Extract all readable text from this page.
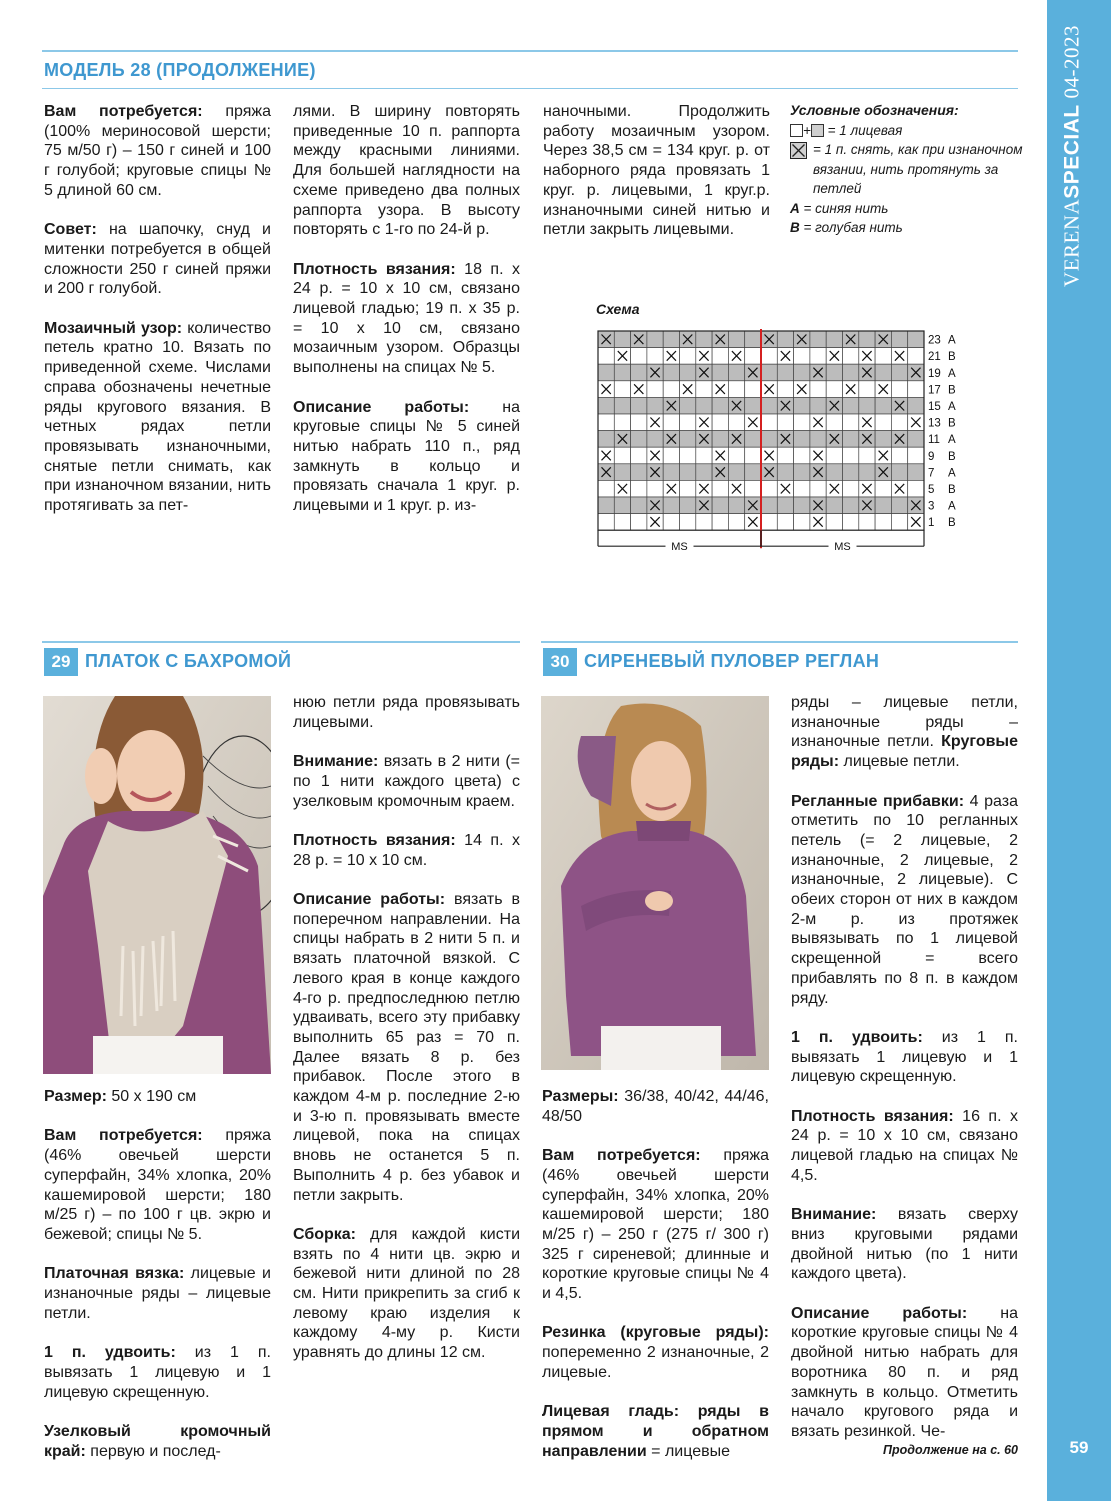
VERENASPECIAL 04-2023
59
МОДЕЛЬ 28 (ПРОДОЛЖЕНИЕ)

Вам потребуется: пряжа (100% мериносовой шерсти; 75 м/50 г) – 150 г синей и 100 г голубой; круговые спицы № 5 длиной 60 см.

Совет: на шапочку, снуд и митенки потребуется в общей сложности 250 г синей пряжи и 200 г голубой.

Мозаичный узор: количество петель кратно 10. Вязать по приведенной схеме. Числами справа обозначены нечетные ряды кругового вязания. В четных рядах петли провязывать изнаночными, снятые петли снимать, как при изнаночном вязании, нить протягивать за пет-

лями. В ширину повторять приведенные 10 п. раппорта между красными линиями. Для большей наглядности на схеме приведено два полных раппорта узора. В высоту повторять с 1-го по 24-й р.

Плотность вязания: 18 п. x 24 р. = 10 x 10 см, связано лицевой гладью; 19 п. x 35 р. = 10 x 10 см, связано мозаичным узором. Образцы выполнены на спицах № 5.

Описание работы: на круговые спицы № 5 синей нитью набрать 110 п., ряд замкнуть в кольцо и провязать сначала 1 круг. р. лицевыми и 1 круг. р. из-

наночными. Продолжить работу мозаичным узором. Через 38,5 см = 134 круг. р. от наборного ряда провязать 1 круг. р. лицевыми, 1 круг.р. изнаночными синей нитью и петли закрыть лицевыми.

Условные обозначения:
+ = 1 лицевая
= 1 п. снять, как при изнаночном вязании, нить протянуть за петлей
А = синяя нить
В = голубая нить
Схема
23 A
21 B
19 A
17 B
15 A
13 B
11 A
9 B
7 A
5 B
3 A
1 B
MS	MS
29 ПЛАТОК С БАХРОМОЙ

Размер: 50 x 190 см

Вам потребуется: пряжа (46% овечьей шерсти суперфайн, 34% хлопка, 20% кашемировой шерсти; 180 м/25 г) – по 100 г цв. экрю и бежевой; спицы № 5.

Платочная вязка: лицевые и изнаночные ряды – лицевые петли.

1 п. удвоить: из 1 п. вывязать 1 лицевую и 1 лицевую скрещенную.

Узелковый кромочный край: первую и послед-

нюю петли ряда провязывать лицевыми.

Внимание: вязать в 2 нити (= по 1 нити каждого цвета) с узелковым кромочным краем.

Плотность вязания: 14 п. x 28 р. = 10 x 10 см.

Описание работы: вязать в поперечном направлении. На спицы набрать в 2 нити 5 п. и вязать платочной вязкой. С левого края в конце каждого 4-го р. предпоследнюю петлю удваивать, всего эту прибавку выполнить 65 раз = 70 п. Далее вязать 8 р. без прибавок. После этого в каждом 4-м р. последние 2-ю и 3-ю п. провязывать вместе лицевой, пока на спицах вновь не останется 5 п. Выполнить 4 р. без убавок и петли закрыть.

Сборка: для каждой кисти взять по 4 нити цв. экрю и бежевой нити длиной по 28 см. Нити прикрепить за сгиб к левому краю изделия к каждому 4-му р. Кисти уравнять до длины 12 см.

30 СИРЕНЕВЫЙ ПУЛОВЕР РЕГЛАН

Размеры: 36/38, 40/42, 44/46, 48/50

Вам потребуется: пряжа (46% овечьей шерсти суперфайн, 34% хлопка, 20% кашемировой шерсти; 180 м/25 г) – 250 г (275 г/ 300 г) 325 г сиреневой; длинные и короткие круговые спицы № 4 и 4,5.

Резинка (круговые ряды): попеременно 2 изнаночные, 2 лицевые.

Лицевая гладь: ряды в прямом и обратном направлении = лицевые

ряды – лицевые петли, изнаночные ряды – изнаночные петли. Круговые ряды: лицевые петли.

Регланные прибавки: 4 раза отметить по 10 регланных петель (= 2 лицевые, 2 изнаночные, 2 лицевые, 2 изнаночные, 2 лицевые). С обеих сторон от них в каждом 2-м р. из протяжек вывязывать по 1 лицевой скрещенной = всего прибавлять по 8 п. в каждом ряду.

1 п. удвоить: из 1 п. вывязать 1 лицевую и 1 лицевую скрещенную.

Плотность вязания: 16 п. x 24 р. = 10 x 10 см, связано лицевой гладью на спицах № 4,5.

Внимание: вязать сверху вниз круговыми рядами двойной нитью (по 1 нити каждого цвета).

Описание работы: на короткие круговые спицы № 4 двойной нитью набрать для воротника 80 п. и ряд замкнуть в кольцо. Отметить начало кругового ряда и вязать резинкой. Че-

Продолжение на с. 60
